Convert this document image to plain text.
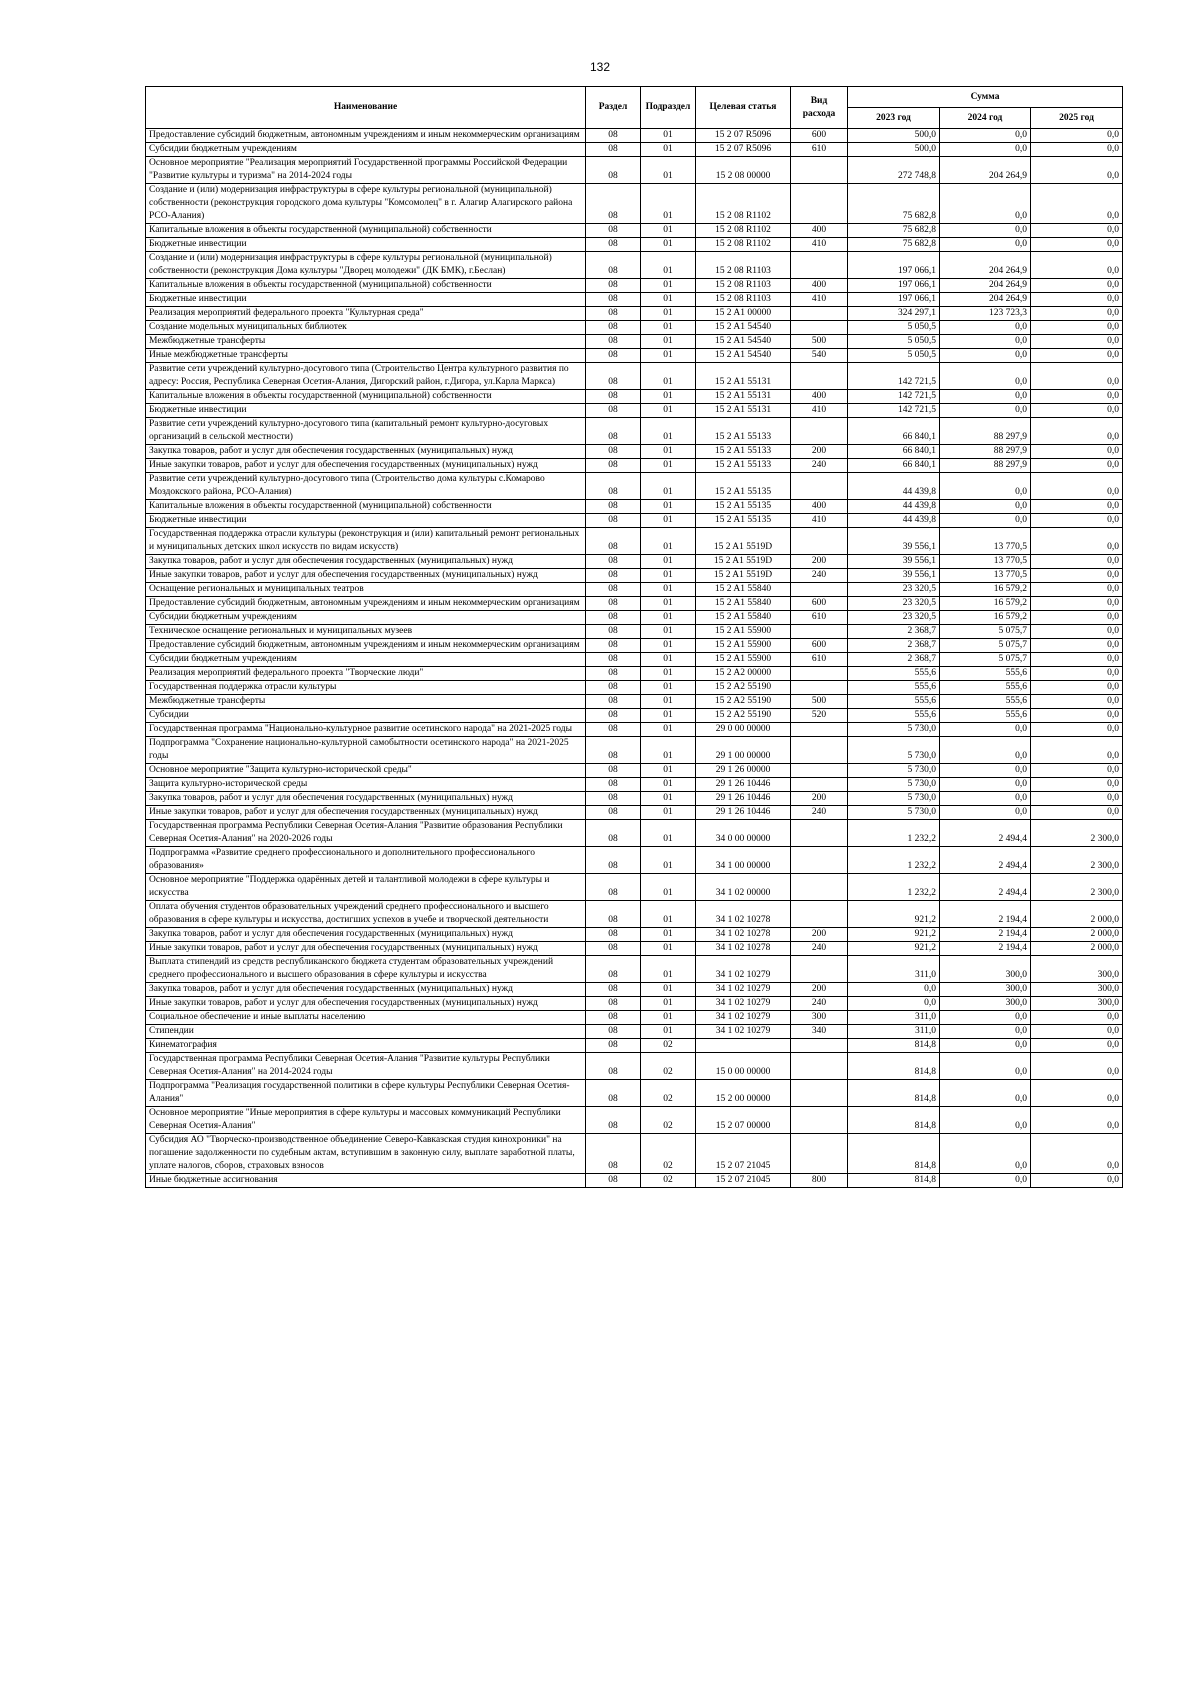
132
Наименование	Раздел	Подраздел	Целевая статья	Вид расхода	Сумма		
					2023 год	2024 год	2025 год
Предоставление субсидий бюджетным, автономным учреждениям и иным некоммерческим организациям	08	01	15 2 07 R5096	600	500,0	0,0	0,0
Субсидии бюджетным учреждениям	08	01	15 2 07 R5096	610	500,0	0,0	0,0
Основное мероприятие "Реализация мероприятий Государственной программы Российской Федерации "Развитие культуры и туризма" на 2014-2024 годы	08	01	15 2 08 00000		272 748,8	204 264,9	0,0
Создание и (или) модернизация инфраструктуры в сфере культуры региональной (муниципальной) собственности (реконструкция городского дома культуры "Комсомолец" в г. Алагир Алагирского района РСО-Алания)	08	01	15 2 08 R1102		75 682,8	0,0	0,0
Капитальные вложения в объекты государственной (муниципальной) собственности	08	01	15 2 08 R1102	400	75 682,8	0,0	0,0
Бюджетные инвестиции	08	01	15 2 08 R1102	410	75 682,8	0,0	0,0
Создание и (или) модернизация инфраструктуры в сфере культуры региональной (муниципальной) собственности (реконструкция Дома культуры "Дворец молодежи" (ДК БМК), г.Беслан)	08	01	15 2 08 R1103		197 066,1	204 264,9	0,0
Капитальные вложения в объекты государственной (муниципальной) собственности	08	01	15 2 08 R1103	400	197 066,1	204 264,9	0,0
Бюджетные инвестиции	08	01	15 2 08 R1103	410	197 066,1	204 264,9	0,0
Реализация мероприятий федерального проекта "Культурная среда"	08	01	15 2 A1 00000		324 297,1	123 723,3	0,0
Создание модельных муниципальных библиотек	08	01	15 2 A1 54540		5 050,5	0,0	0,0
Межбюджетные трансферты	08	01	15 2 A1 54540	500	5 050,5	0,0	0,0
Иные межбюджетные трансферты	08	01	15 2 A1 54540	540	5 050,5	0,0	0,0
Развитие сети учреждений культурно-досугового типа (Строительство Центра культурного развития по адресу: Россия, Республика Северная Осетия-Алания, Дигорский район, г.Дигора, ул.Карла Маркса)	08	01	15 2 A1 55131		142 721,5	0,0	0,0
Капитальные вложения в объекты государственной (муниципальной) собственности	08	01	15 2 A1 55131	400	142 721,5	0,0	0,0
Бюджетные инвестиции	08	01	15 2 A1 55131	410	142 721,5	0,0	0,0
Развитие сети учреждений культурно-досугового типа (капитальный ремонт культурно-досуговых организаций в сельской местности)	08	01	15 2 A1 55133		66 840,1	88 297,9	0,0
Закупка товаров, работ и услуг для обеспечения государственных (муниципальных) нужд	08	01	15 2 A1 55133	200	66 840,1	88 297,9	0,0
Иные закупки товаров, работ и услуг для обеспечения государственных (муниципальных) нужд	08	01	15 2 A1 55133	240	66 840,1	88 297,9	0,0
Развитие сети учреждений культурно-досугового типа (Строительство дома культуры с.Комарово Моздокского района, РСО-Алания)	08	01	15 2 A1 55135		44 439,8	0,0	0,0
Капитальные вложения в объекты государственной (муниципальной) собственности	08	01	15 2 A1 55135	400	44 439,8	0,0	0,0
Бюджетные инвестиции	08	01	15 2 A1 55135	410	44 439,8	0,0	0,0
Государственная поддержка отрасли культуры (реконструкция и (или) капитальный ремонт региональных и муниципальных детских школ искусств по видам искусств)	08	01	15 2 A1 5519D		39 556,1	13 770,5	0,0
Закупка товаров, работ и услуг для обеспечения государственных (муниципальных) нужд	08	01	15 2 A1 5519D	200	39 556,1	13 770,5	0,0
Иные закупки товаров, работ и услуг для обеспечения государственных (муниципальных) нужд	08	01	15 2 A1 5519D	240	39 556,1	13 770,5	0,0
Оснащение региональных и муниципальных театров	08	01	15 2 A1 55840		23 320,5	16 579,2	0,0
Предоставление субсидий бюджетным, автономным учреждениям и иным некоммерческим организациям	08	01	15 2 A1 55840	600	23 320,5	16 579,2	0,0
Субсидии бюджетным учреждениям	08	01	15 2 A1 55840	610	23 320,5	16 579,2	0,0
Техническое оснащение региональных и муниципальных музеев	08	01	15 2 A1 55900		2 368,7	5 075,7	0,0
Предоставление субсидий бюджетным, автономным учреждениям и иным некоммерческим организациям	08	01	15 2 A1 55900	600	2 368,7	5 075,7	0,0
Субсидии бюджетным учреждениям	08	01	15 2 A1 55900	610	2 368,7	5 075,7	0,0
Реализация мероприятий федерального проекта "Творческие люди"	08	01	15 2 A2 00000		555,6	555,6	0,0
Государственная поддержка отрасли культуры	08	01	15 2 A2 55190		555,6	555,6	0,0
Межбюджетные трансферты	08	01	15 2 A2 55190	500	555,6	555,6	0,0
Субсидии	08	01	15 2 A2 55190	520	555,6	555,6	0,0
Государственная программа "Национально-культурное развитие осетинского народа" на 2021-2025 годы	08	01	29 0 00 00000		5 730,0	0,0	0,0
Подпрограмма "Сохранение национально-культурной самобытности осетинского народа" на 2021-2025 годы	08	01	29 1 00 00000		5 730,0	0,0	0,0
Основное мероприятие "Защита культурно-исторической среды"	08	01	29 1 26 00000		5 730,0	0,0	0,0
Защита культурно-исторической среды	08	01	29 1 26 10446		5 730,0	0,0	0,0
Закупка товаров, работ и услуг для обеспечения государственных (муниципальных) нужд	08	01	29 1 26 10446	200	5 730,0	0,0	0,0
Иные закупки товаров, работ и услуг для обеспечения государственных (муниципальных) нужд	08	01	29 1 26 10446	240	5 730,0	0,0	0,0
Государственная программа Республики Северная Осетия-Алания "Развитие образования Республики Северная Осетия-Алания" на 2020-2026 годы	08	01	34 0 00 00000		1 232,2	2 494,4	2 300,0
Подпрограмма «Развитие среднего профессионального и дополнительного профессионального образования»	08	01	34 1 00 00000		1 232,2	2 494,4	2 300,0
Основное мероприятие "Поддержка одарённых детей и талантливой молодежи в сфере культуры и искусства	08	01	34 1 02 00000		1 232,2	2 494,4	2 300,0
Оплата обучения студентов образовательных учреждений среднего профессионального и высшего образования в сфере культуры и искусства, достигших успехов в учебе и творческой деятельности	08	01	34 1 02 10278		921,2	2 194,4	2 000,0
Закупка товаров, работ и услуг для обеспечения государственных (муниципальных) нужд	08	01	34 1 02 10278	200	921,2	2 194,4	2 000,0
Иные закупки товаров, работ и услуг для обеспечения государственных (муниципальных) нужд	08	01	34 1 02 10278	240	921,2	2 194,4	2 000,0
Выплата стипендий из средств республиканского бюджета студентам образовательных учреждений среднего профессионального и высшего образования в сфере культуры и искусства	08	01	34 1 02 10279		311,0	300,0	300,0
Закупка товаров, работ и услуг для обеспечения государственных (муниципальных) нужд	08	01	34 1 02 10279	200	0,0	300,0	300,0
Иные закупки товаров, работ и услуг для обеспечения государственных (муниципальных) нужд	08	01	34 1 02 10279	240	0,0	300,0	300,0
Социальное обеспечение и иные выплаты населению	08	01	34 1 02 10279	300	311,0	0,0	0,0
Стипендии	08	01	34 1 02 10279	340	311,0	0,0	0,0
Кинематография	08	02			814,8	0,0	0,0
Государственная программа Республики Северная Осетия-Алания "Развитие культуры Республики Северная Осетия-Алания" на 2014-2024 годы	08	02	15 0 00 00000		814,8	0,0	0,0
Подпрограмма "Реализация государственной политики в сфере культуры Республики Северная Осетия-Алания"	08	02	15 2 00 00000		814,8	0,0	0,0
Основное мероприятие "Иные мероприятия в сфере культуры и массовых коммуникаций Республики Северная Осетия-Алания"	08	02	15 2 07 00000		814,8	0,0	0,0
Субсидия АО "Творческо-производственное объединение Северо-Кавказская студия кинохроники" на погашение задолженности по судебным актам, вступившим в законную силу, выплате заработной платы, уплате налогов, сборов, страховых взносов	08	02	15 2 07 21045		814,8	0,0	0,0
Иные бюджетные ассигнования	08	02	15 2 07 21045	800	814,8	0,0	0,0
